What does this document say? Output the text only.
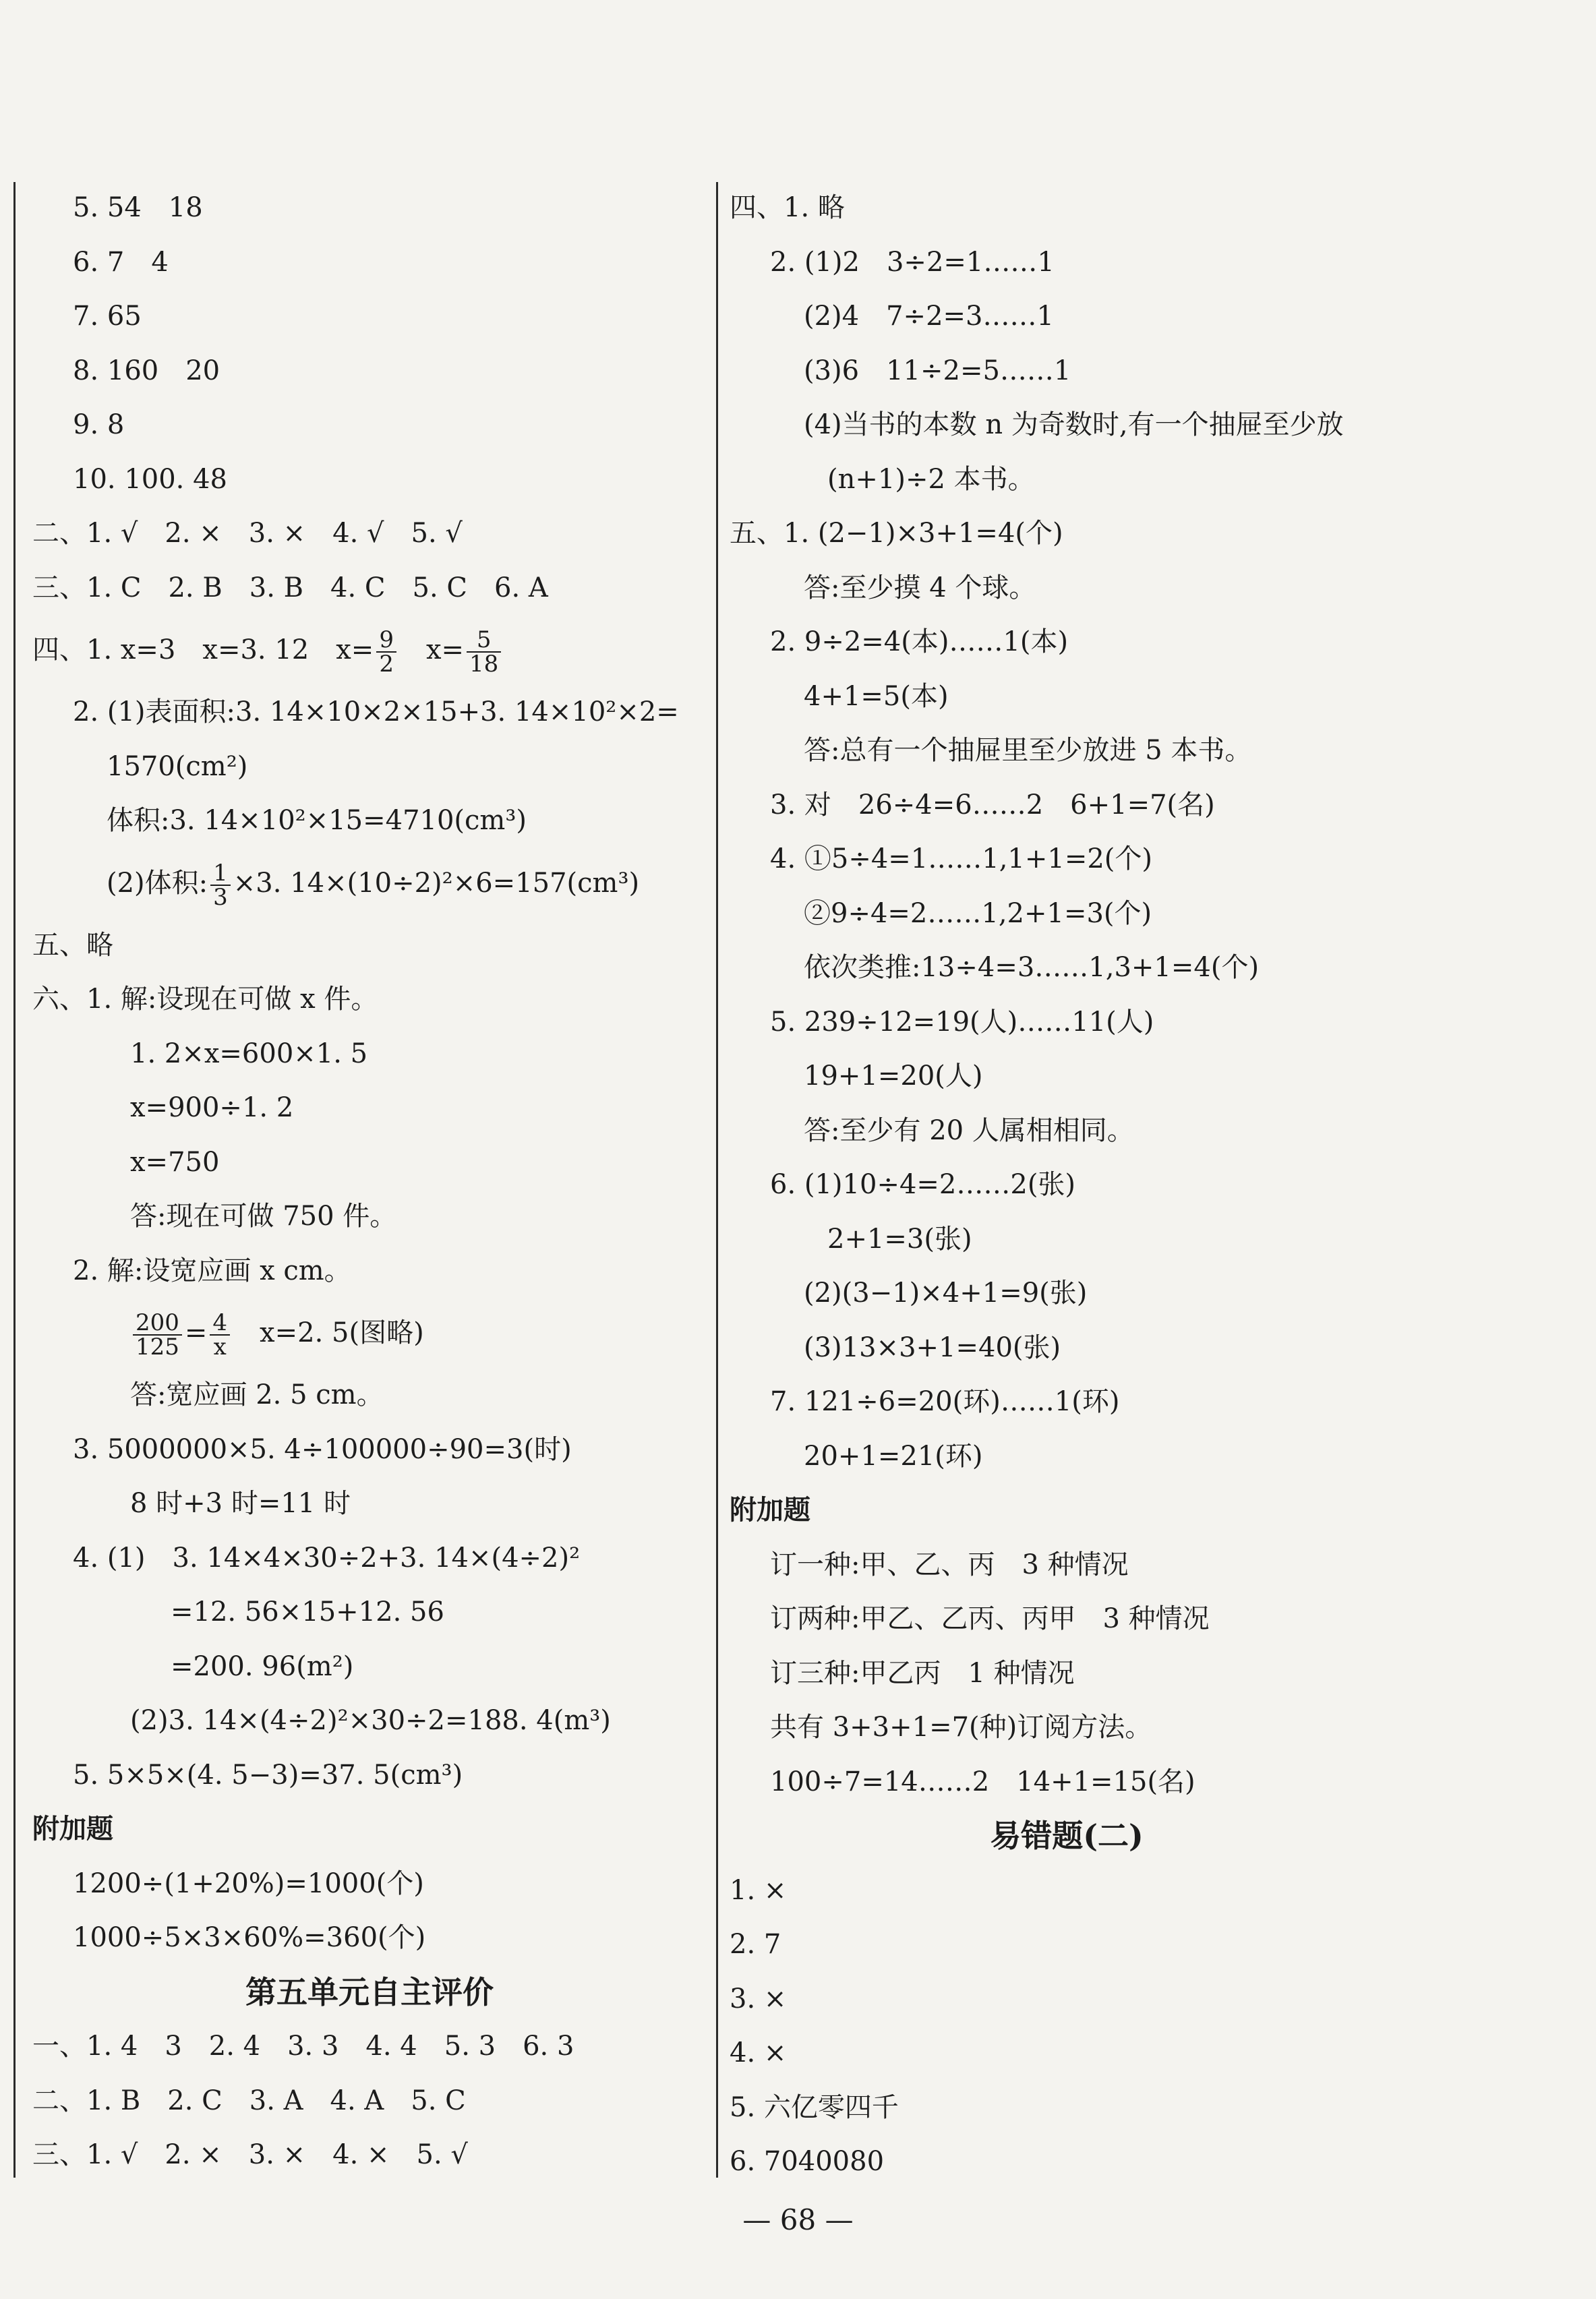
5. 54　18
6. 7　4
7. 65
8. 160　20
9. 8
10. 100. 48
二、1. √　2. ×　3. ×　4. √　5. √
三、1. C　2. B　3. B　4. C　5. C　6. A
四、1. x=3　x=3. 12　$x= \frac{9}{2}$ 　$x= \frac{5}{18}$
2. (1)表面积:3. 14×10×2×15+3. 14×10²×2=
1570(cm²)
体积:3. 14×10²×15=4710(cm³)
(2)体积: $\frac{1}{3} \times 3$. 14×(10÷2)²×6=157(cm³)
五、略
六、1. 解:设现在可做 x 件。
1. 2×x=600×1. 5
x=900÷1. 2
x=750
答:现在可做 750 件。
2. 解:设宽应画 x cm。
$\frac{200}{125} = \frac{4}{x}$ 　x=2. 5(图略)
答:宽应画 2. 5 cm。
3. 5000000×5. 4÷100000÷90=3(时)
8 时+3 时=11 时
4. (1)　3. 14×4×30÷2+3. 14×(4÷2)²
=12. 56×15+12. 56
=200. 96(m²)
(2)3. 14×(4÷2)²×30÷2=188. 4(m³)
5. 5×5×(4. 5−3)=37. 5(cm³)
附加题
1200÷(1+20%)=1000(个)
1000÷5×3×60%=360(个)
第五单元自主评价
一、1. 4　3　2. 4　3. 3　4. 4　5. 3　6. 3
二、1. B　2. C　3. A　4. A　5. C
三、1. √　2. ×　3. ×　4. ×　5. √
四、1. 略
2. (1)2　3÷2=1……1
(2)4　7÷2=3……1
(3)6　11÷2=5……1
(4)当书的本数 n 为奇数时,有一个抽屉至少放
(n+1)÷2 本书。
五、1. (2−1)×3+1=4(个)
答:至少摸 4 个球。
2. 9÷2=4(本)……1(本)
4+1=5(本)
答:总有一个抽屉里至少放进 5 本书。
3. 对　26÷4=6……2　6+1=7(名)
4. ①5÷4=1……1,1+1=2(个)
②9÷4=2……1,2+1=3(个)
依次类推:13÷4=3……1,3+1=4(个)
5. 239÷12=19(人)……11(人)
19+1=20(人)
答:至少有 20 人属相相同。
6. (1)10÷4=2……2(张)
2+1=3(张)
(2)(3−1)×4+1=9(张)
(3)13×3+1=40(张)
7. 121÷6=20(环)……1(环)
20+1=21(环)
附加题
订一种:甲、乙、丙　3 种情况
订两种:甲乙、乙丙、丙甲　3 种情况
订三种:甲乙丙　1 种情况
共有 3+3+1=7(种)订阅方法。
100÷7=14……2　14+1=15(名)
易错题(二)
1. ×
2. 7
3. ×
4. ×
5. 六亿零四千
6. 7040080
— 68 —
